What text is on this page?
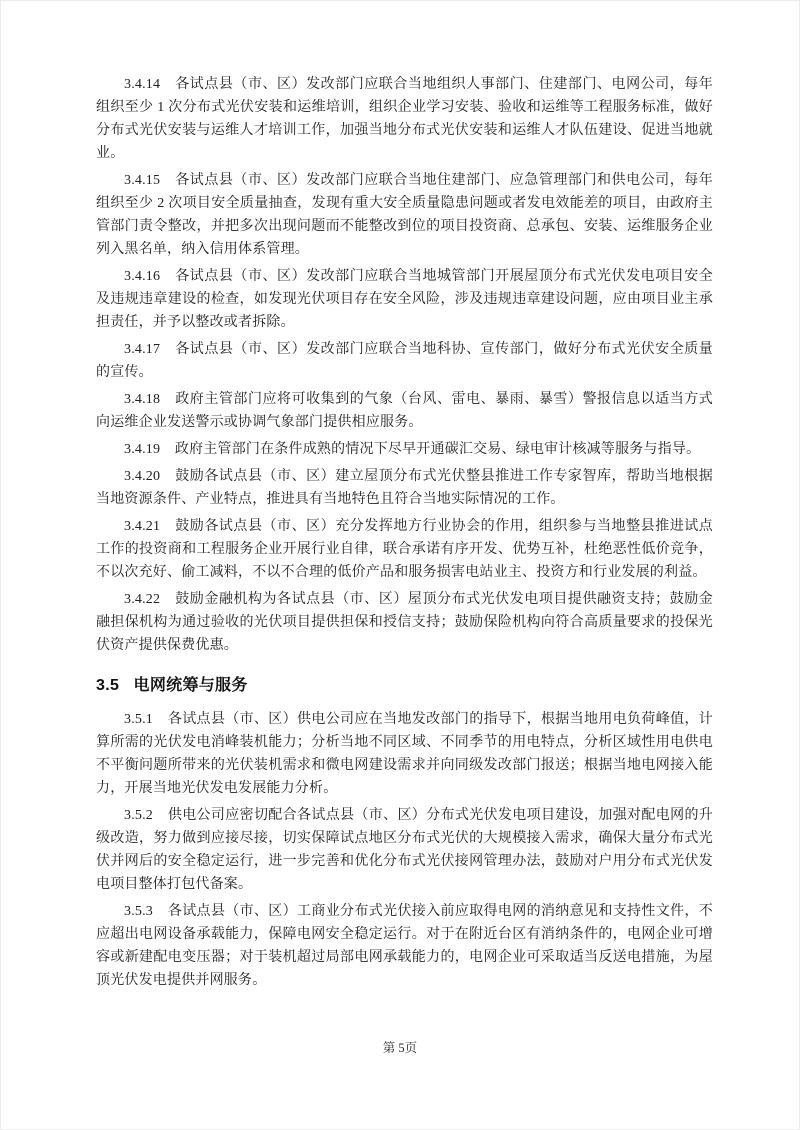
3.4.14 各试点县（市、区）发改部门应联合当地组织人事部门、住建部门、电网公司，每年组织至少 1 次分布式光伏安装和运维培训，组织企业学习安装、验收和运维等工程服务标准，做好分布式光伏安装与运维人才培训工作，加强当地分布式光伏安装和运维人才队伍建设、促进当地就业。

3.4.15 各试点县（市、区）发改部门应联合当地住建部门、应急管理部门和供电公司，每年组织至少 2 次项目安全质量抽查，发现有重大安全质量隐患问题或者发电效能差的项目，由政府主管部门责令整改，并把多次出现问题而不能整改到位的项目投资商、总承包、安装、运维服务企业列入黑名单，纳入信用体系管理。

3.4.16 各试点县（市、区）发改部门应联合当地城管部门开展屋顶分布式光伏发电项目安全及违规违章建设的检查，如发现光伏项目存在安全风险，涉及违规违章建设问题，应由项目业主承担责任，并予以整改或者拆除。

3.4.17 各试点县（市、区）发改部门应联合当地科协、宣传部门，做好分布式光伏安全质量的宣传。

3.4.18 政府主管部门应将可收集到的气象（台风、雷电、暴雨、暴雪）警报信息以适当方式向运维企业发送警示或协调气象部门提供相应服务。

3.4.19 政府主管部门在条件成熟的情况下尽早开通碳汇交易、绿电审计核减等服务与指导。

3.4.20 鼓励各试点县（市、区）建立屋顶分布式光伏整县推进工作专家智库，帮助当地根据当地资源条件、产业特点，推进具有当地特色且符合当地实际情况的工作。

3.4.21 鼓励各试点县（市、区）充分发挥地方行业协会的作用，组织参与当地整县推进试点工作的投资商和工程服务企业开展行业自律，联合承诺有序开发、优势互补，杜绝恶性低价竞争，不以次充好、偷工减料，不以不合理的低价产品和服务损害电站业主、投资方和行业发展的利益。

3.4.22 鼓励金融机构为各试点县（市、区）屋顶分布式光伏发电项目提供融资支持；鼓励金融担保机构为通过验收的光伏项目提供担保和授信支持；鼓励保险机构向符合高质量要求的投保光伏资产提供保费优惠。

3.5 电网统筹与服务

3.5.1 各试点县（市、区）供电公司应在当地发改部门的指导下，根据当地用电负荷峰值，计算所需的光伏发电消峰装机能力；分析当地不同区域、不同季节的用电特点，分析区域性用电供电不平衡问题所带来的光伏装机需求和微电网建设需求并向同级发改部门报送；根据当地电网接入能力，开展当地光伏发电发展能力分析。

3.5.2 供电公司应密切配合各试点县（市、区）分布式光伏发电项目建设，加强对配电网的升级改造，努力做到应接尽接，切实保障试点地区分布式光伏的大规模接入需求，确保大量分布式光伏并网后的安全稳定运行，进一步完善和优化分布式光伏接网管理办法，鼓励对户用分布式光伏发电项目整体打包代备案。

3.5.3 各试点县（市、区）工商业分布式光伏接入前应取得电网的消纳意见和支持性文件，不应超出电网设备承载能力，保障电网安全稳定运行。对于在附近台区有消纳条件的，电网企业可增容或新建配电变压器；对于装机超过局部电网承载能力的，电网企业可采取适当反送电措施，为屋顶光伏发电提供并网服务。

第 5页
